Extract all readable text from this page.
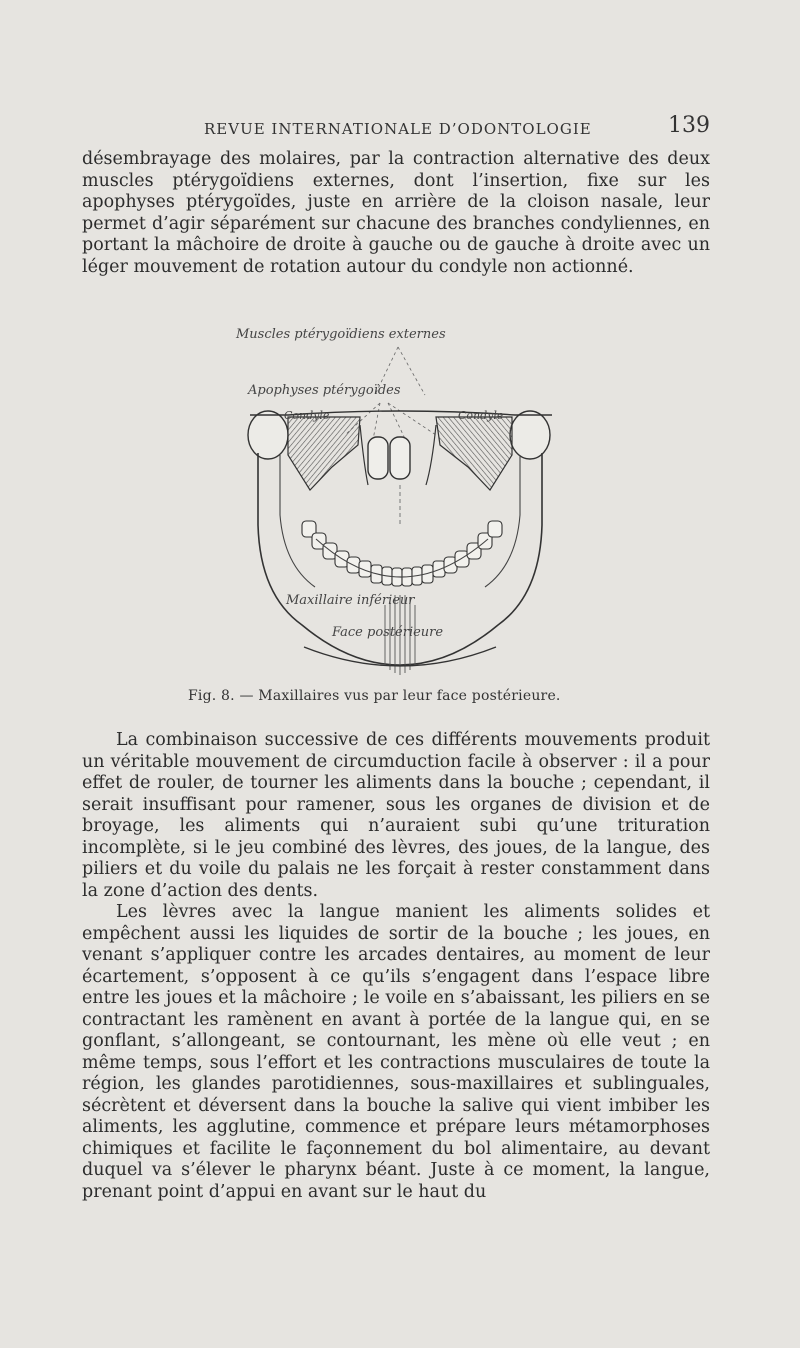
REVUE INTERNATIONALE D’ODONTOLOGIE	139

désembrayage des molaires, par la contraction alternative des deux muscles ptérygoïdiens externes, dont l’insertion, fixe sur les apophyses ptérygoïdes, juste en arrière de la cloison nasale, leur permet d’agir séparément sur chacune des branches condyliennes, en portant la mâchoire de droite à gauche ou de gauche à droite avec un léger mouvement de rotation autour du condyle non actionné.

Muscles ptérygoïdiens externes
Apophyses ptérygoïdes
Condyle	Condyle
Maxillaire inférieur
Face postérieure
Fig. 8. — Maxillaires vus par leur face postérieure.

La combinaison successive de ces différents mouvements produit un véritable mouvement de circumduction facile à observer : il a pour effet de rouler, de tourner les aliments dans la bouche ; cependant, il serait insuffisant pour ramener, sous les organes de division et de broyage, les aliments qui n’auraient subi qu’une trituration incomplète, si le jeu combiné des lèvres, des joues, de la langue, des piliers et du voile du palais ne les forçait à rester constamment dans la zone d’action des dents.

Les lèvres avec la langue manient les aliments solides et empêchent aussi les liquides de sortir de la bouche ; les joues, en venant s’appliquer contre les arcades dentaires, au moment de leur écartement, s’opposent à ce qu’ils s’engagent dans l’espace libre entre les joues et la mâchoire ; le voile en s’abaissant, les piliers en se contractant les ramènent en avant à portée de la langue qui, en se gonflant, s’allongeant, se contournant, les mène où elle veut ; en même temps, sous l’effort et les contractions musculaires de toute la région, les glandes parotidiennes, sous-maxillaires et sublinguales, sécrètent et déversent dans la bouche la salive qui vient imbiber les aliments, les agglutine, commence et prépare leurs métamorphoses chimiques et facilite le façonnement du bol alimentaire, au devant duquel va s’élever le pharynx béant. Juste à ce moment, la langue, prenant point d’appui en avant sur le haut du
